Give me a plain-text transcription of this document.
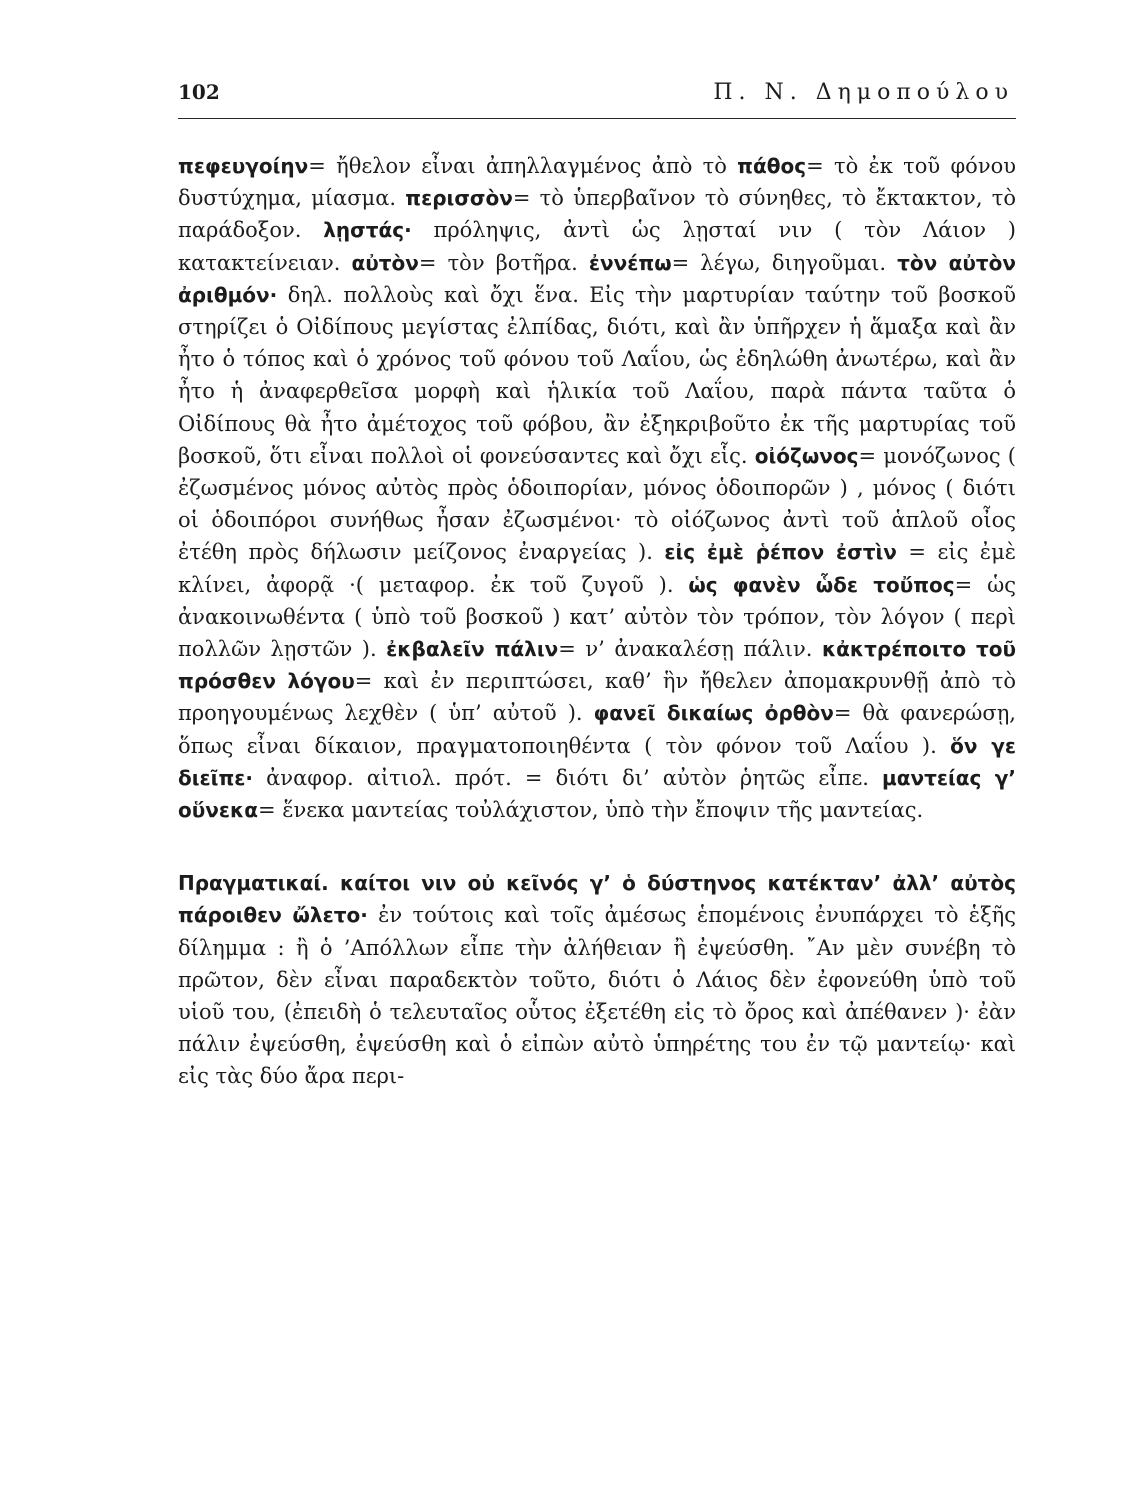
102	Π. Ν. Δημοπούλου

πεφευγοίην= ἤθελον εἶναι ἀπηλλαγμένος ἀπὸ τὸ πάθος= τὸ ἐκ τοῦ φόνου δυστύχημα, μίασμα. περισσὸν= τὸ ὑπερβαῖνον τὸ σύνηθες, τὸ ἔκτακτον, τὸ παράδοξον. λῃστάς· πρόληψις, ἀντὶ ὡς λῃσταί νιν ( τὸν Λάιον ) κατακτείνειαν. αὐτὸν= τὸν βοτῆρα. ἐννέπω= λέγω, διηγοῦμαι. τὸν αὐτὸν ἀριθμόν· δηλ. πολλοὺς καὶ ὄχι ἕνα. Εἰς τὴν μαρτυρίαν ταύτην τοῦ βοσκοῦ στηρίζει ὁ Οἰδίπους μεγίστας ἐλπίδας, διότι, καὶ ἂν ὑπῆρχεν ἡ ἅμαξα καὶ ἂν ἦτο ὁ τόπος καὶ ὁ χρόνος τοῦ φόνου τοῦ Λαΐου, ὡς ἐδηλώθη ἀνωτέρω, καὶ ἂν ἦτο ἡ ἀναφερθεῖσα μορφὴ καὶ ἡλικία τοῦ Λαΐου, παρὰ πάντα ταῦτα ὁ Οἰδίπους θὰ ἦτο ἀμέτοχος τοῦ φόβου, ἂν ἐξηκριβοῦτο ἐκ τῆς μαρτυρίας τοῦ βοσκοῦ, ὅτι εἶναι πολλοὶ οἱ φονεύσαντες καὶ ὄχι εἷς. οἰόζωνος= μονόζωνος ( ἐζωσμένος μόνος αὐτὸς πρὸς ὁδοιπορίαν, μόνος ὁδοιπορῶν ) , μόνος ( διότι οἱ ὁδοιπόροι συνήθως ἦσαν ἐζωσμένοι· τὸ οἰόζωνος ἀντὶ τοῦ ἁπλοῦ οἶος ἐτέθη πρὸς δήλωσιν μείζονος ἐναργείας ). εἰς ἐμὲ ῥέπον ἐστὶν = εἰς ἐμὲ κλίνει, ἀφορᾷ ·( μεταφορ. ἐκ τοῦ ζυγοῦ ). ὡς φανὲν ὧδε τοὔπος= ὡς ἀνακοινωθέντα ( ὑπὸ τοῦ βοσκοῦ ) κατ’ αὐτὸν τὸν τρόπον, τὸν λόγον ( περὶ πολλῶν λῃστῶν ). ἐκβαλεῖν πάλιν= ν’ ἀνακαλέσῃ πάλιν. κἀκτρέποιτο τοῦ πρόσθεν λόγου= καὶ ἐν περιπτώσει, καθ’ ἣν ἤθελεν ἀπομακρυνθῇ ἀπὸ τὸ προηγουμένως λεχθὲν ( ὑπ’ αὐτοῦ ). φανεῖ δικαίως ὀρθὸν= θὰ φανερώσῃ, ὅπως εἶναι δίκαιον, πραγματοποιηθέντα ( τὸν φόνον τοῦ Λαΐου ). ὅν γε διεῖπε· ἀναφορ. αἰτιολ. πρότ. = διότι δι’ αὐτὸν ῥητῶς εἶπε. μαντείας γ’ οὕνεκα= ἕνεκα μαντείας τοὐλάχιστον, ὑπὸ τὴν ἔποψιν τῆς μαντείας.

Πραγματικαί. καίτοι νιν οὐ κεῖνός γ’ ὁ δύστηνος κατέκταν’ ἀλλ’ αὐτὸς πάροιθεν ὤλετο· ἐν τούτοις καὶ τοῖς ἀμέσως ἑπομένοις ἐνυπάρχει τὸ ἑξῆς δίλημμα : ἢ ὁ ’Απόλλων εἶπε τὴν ἀλήθειαν ἢ ἐψεύσθη. ῎Αν μὲν συνέβη τὸ πρῶτον, δὲν εἶναι παραδεκτὸν τοῦτο, διότι ὁ Λάιος δὲν ἐφονεύθη ὑπὸ τοῦ υἱοῦ του, (ἐπειδὴ ὁ τελευταῖος οὗτος ἐξετέθη εἰς τὸ ὄρος καὶ ἀπέθανεν )· ἐὰν πάλιν ἐψεύσθη, ἐψεύσθη καὶ ὁ εἰπὼν αὐτὸ ὑπηρέτης του ἐν τῷ μαντείῳ· καὶ εἰς τὰς δύο ἄρα περι-
